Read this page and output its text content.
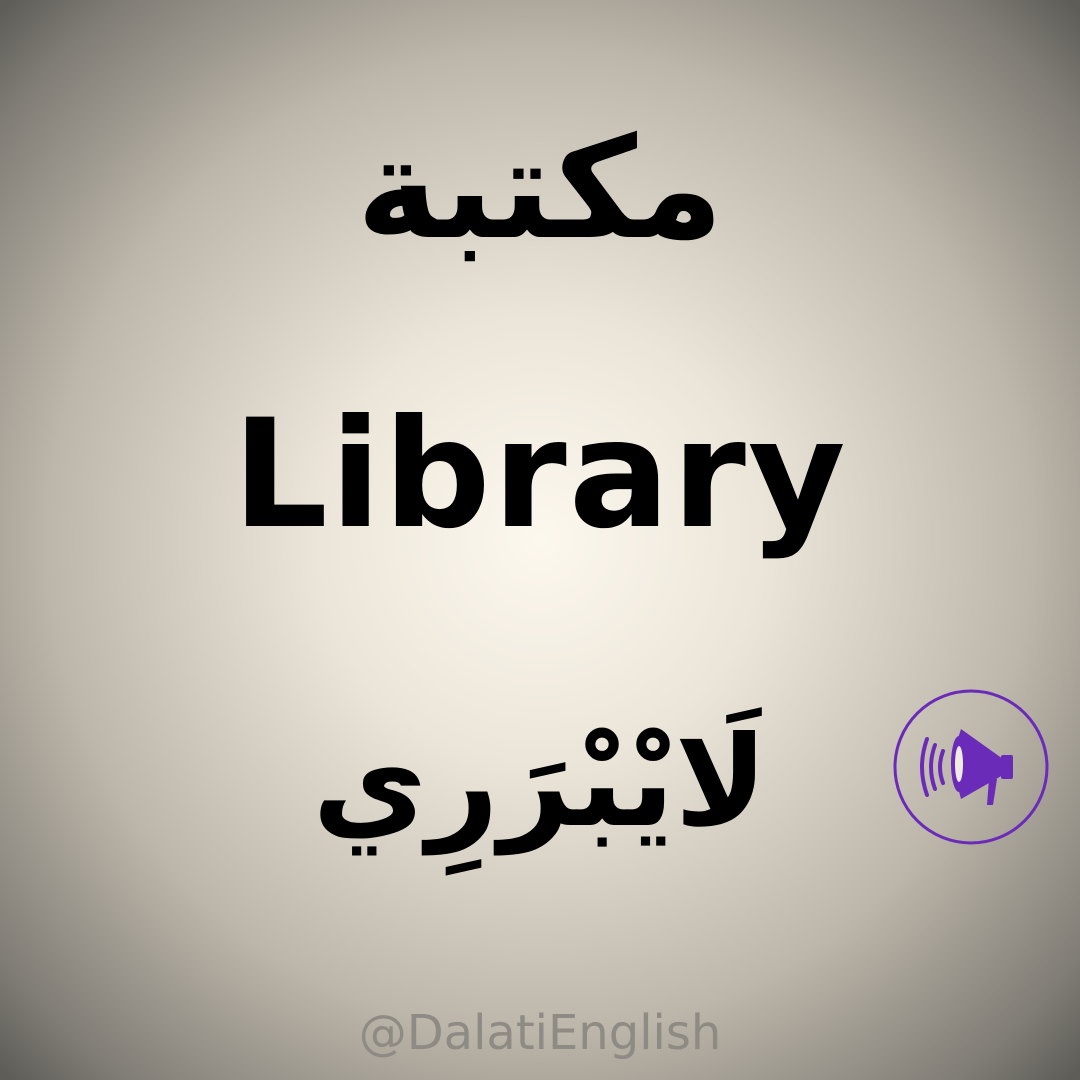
مكتبة
Library
لَايْبْرَرِي
@DalatiEnglish
